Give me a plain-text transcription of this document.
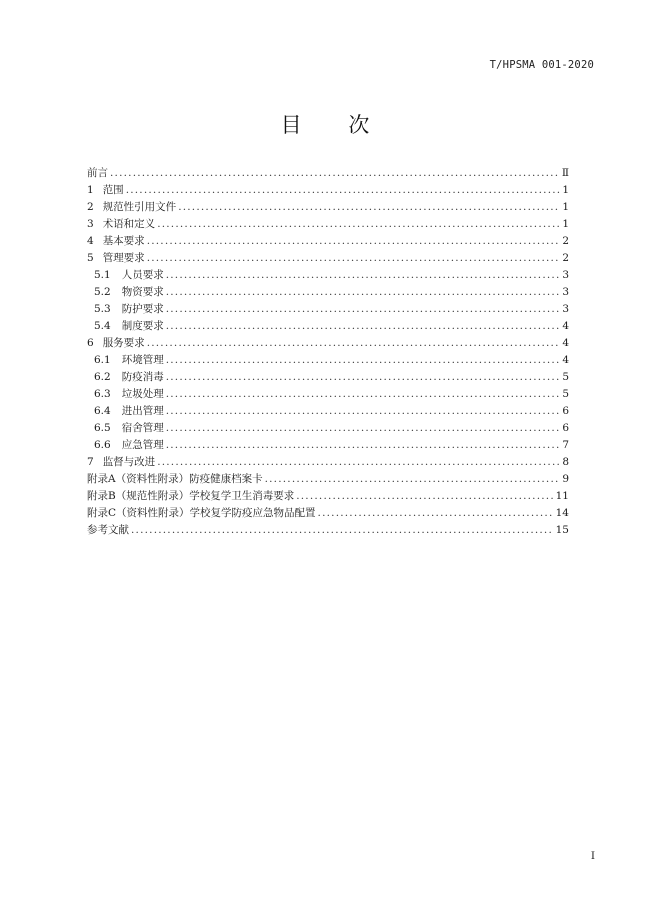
T/HPSMA 001-2020
目 次
前言 .....	Ⅱ
1 范围 .....	1
2 规范性引用文件 .....	1
3 术语和定义 .....	1
4 基本要求 .....	2
5 管理要求 .....	2
5.1 人员要求 .....	3
5.2 物资要求 .....	3
5.3 防护要求 .....	3
5.4 制度要求 .....	4
6 服务要求 .....	4
6.1 环境管理 .....	4
6.2 防疫消毒 .....	5
6.3 垃圾处理 .....	5
6.4 进出管理 .....	6
6.5 宿舍管理 .....	6
6.6 应急管理 .....	7
7 监督与改进 .....	8
附录A（资料性附录）防疫健康档案卡 .....	9
附录B（规范性附录）学校复学卫生消毒要求 .....	11
附录C（资料性附录）学校复学防疫应急物品配置 .....	14
参考文献 .....	15
I
